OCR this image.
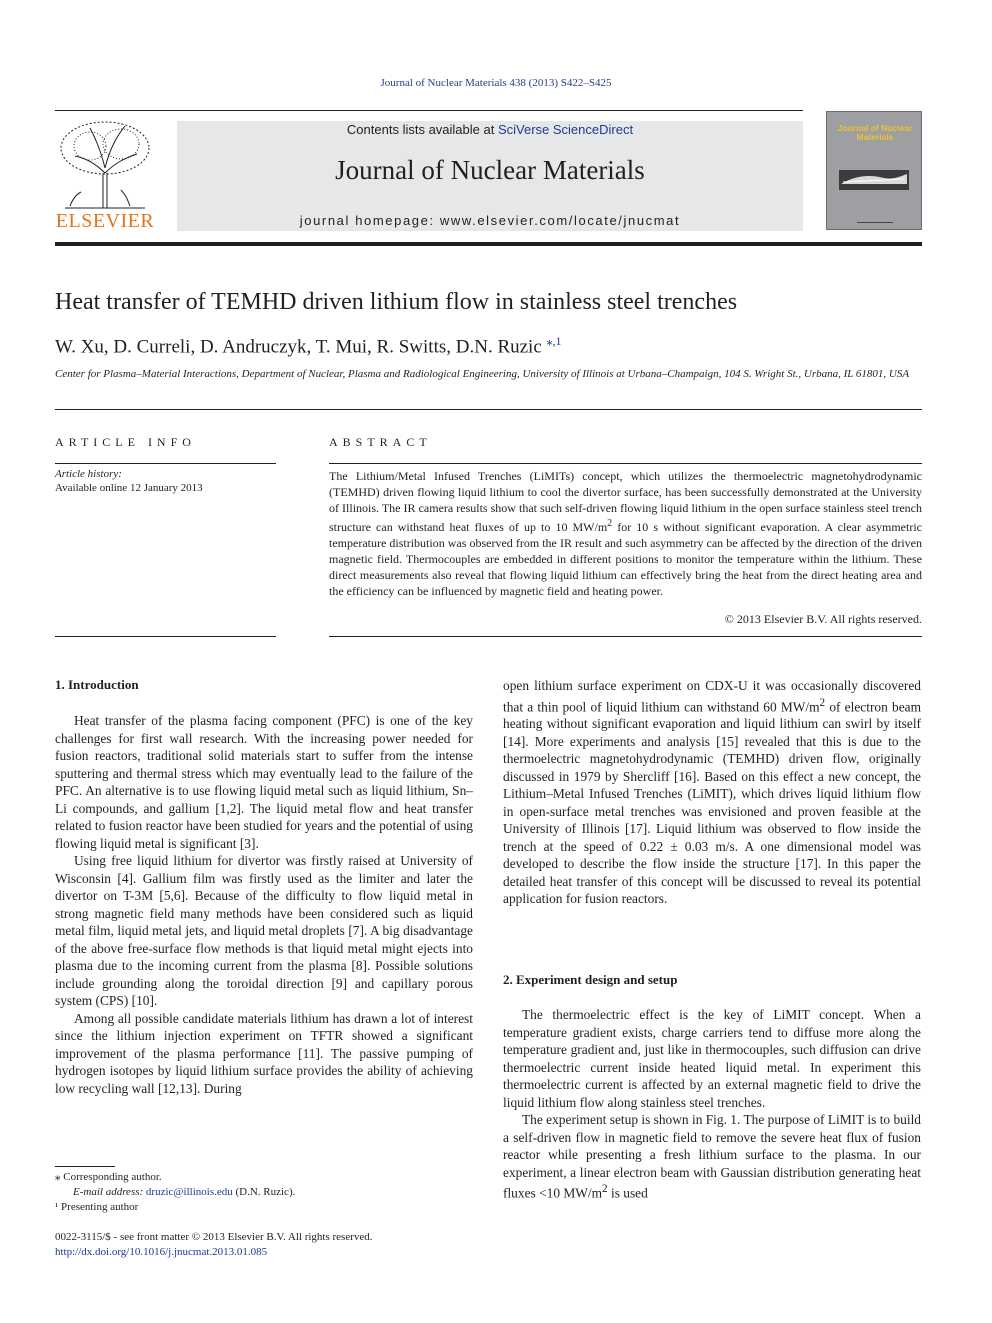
Journal of Nuclear Materials 438 (2013) S422–S425
ELSEVIER
Contents lists available at SciVerse ScienceDirect
Journal of Nuclear Materials
journal homepage: www.elsevier.com/locate/jnucmat
Journal of Nuclear Materials
Heat transfer of TEMHD driven lithium flow in stainless steel trenches
W. Xu, D. Curreli, D. Andruczyk, T. Mui, R. Switts, D.N. Ruzic $^{⁎,1}$
Center for Plasma–Material Interactions, Department of Nuclear, Plasma and Radiological Engineering, University of Illinois at Urbana–Champaign, 104 S. Wright St., Urbana, IL 61801, USA
ARTICLE INFO
Article history:
Available online 12 January 2013
ABSTRACT
The Lithium/Metal Infused Trenches (LiMITs) concept, which utilizes the thermoelectric magnetohydrodynamic (TEMHD) driven flowing liquid lithium to cool the divertor surface, has been successfully demonstrated at the University of Illinois. The IR camera results show that such self-driven flowing liquid lithium in the open surface stainless steel trench structure can withstand heat fluxes of up to 10 $MW/m^2$ for 10 s without significant evaporation. A clear asymmetric temperature distribution was observed from the IR result and such asymmetry can be affected by the direction of the driven magnetic field. Thermocouples are embedded in different positions to monitor the temperature within the lithium. These direct measurements also reveal that flowing liquid lithium can effectively bring the heat from the direct heating area and the efficiency can be influenced by magnetic field and heating power.
© 2013 Elsevier B.V. All rights reserved.
1. Introduction

Heat transfer of the plasma facing component (PFC) is one of the key challenges for first wall research. With the increasing power needed for fusion reactors, traditional solid materials start to suffer from the intense sputtering and thermal stress which may eventually lead to the failure of the PFC. An alternative is to use flowing liquid metal such as liquid lithium, Sn–Li compounds, and gallium [1,2]. The liquid metal flow and heat transfer related to fusion reactor have been studied for years and the potential of using flowing liquid metal is significant [3].

Using free liquid lithium for divertor was firstly raised at University of Wisconsin [4]. Gallium film was firstly used as the limiter and later the divertor on T-3M [5,6]. Because of the difficulty to flow liquid metal in strong magnetic field many methods have been considered such as liquid metal film, liquid metal jets, and liquid metal droplets [7]. A big disadvantage of the above free-surface flow methods is that liquid metal might ejects into plasma due to the incoming current from the plasma [8]. Possible solutions include grounding along the toroidal direction [9] and capillary porous system (CPS) [10].

Among all possible candidate materials lithium has drawn a lot of interest since the lithium injection experiment on TFTR showed a significant improvement of the plasma performance [11]. The passive pumping of hydrogen isotopes by liquid lithium surface provides the ability of achieving low recycling wall [12,13]. During

open lithium surface experiment on CDX-U it was occasionally discovered that a thin pool of liquid lithium can withstand 60 $MW/m^2$ of electron beam heating without significant evaporation and liquid lithium can swirl by itself [14]. More experiments and analysis [15] revealed that this is due to the thermoelectric magnetohydrodynamic (TEMHD) driven flow, originally discussed in 1979 by Shercliff [16]. Based on this effect a new concept, the Lithium–Metal Infused Trenches (LiMIT), which drives liquid lithium flow in open-surface metal trenches was envisioned and proven feasible at the University of Illinois [17]. Liquid lithium was observed to flow inside the trench at the speed of 0.22 ± 0.03 m/s. A one dimensional model was developed to describe the flow inside the structure [17]. In this paper the detailed heat transfer of this concept will be discussed to reveal its potential application for fusion reactors.

2. Experiment design and setup

The thermoelectric effect is the key of LiMIT concept. When a temperature gradient exists, charge carriers tend to diffuse more along the temperature gradient and, just like in thermocouples, such diffusion can drive thermoelectric current inside heated liquid metal. In experiment this thermoelectric current is affected by an external magnetic field to drive the liquid lithium flow along stainless steel trenches.

The experiment setup is shown in Fig. 1. The purpose of LiMIT is to build a self-driven flow in magnetic field to remove the severe heat flux of fusion reactor while presenting a fresh lithium surface to the plasma. In our experiment, a linear electron beam with Gaussian distribution generating heat fluxes <10 $MW/m^2$ is used

⁎ Corresponding author.
E-mail address: druzic@illinois.edu (D.N. Ruzic).
¹ Presenting author
0022-3115/$ - see front matter © 2013 Elsevier B.V. All rights reserved.
http://dx.doi.org/10.1016/j.jnucmat.2013.01.085
